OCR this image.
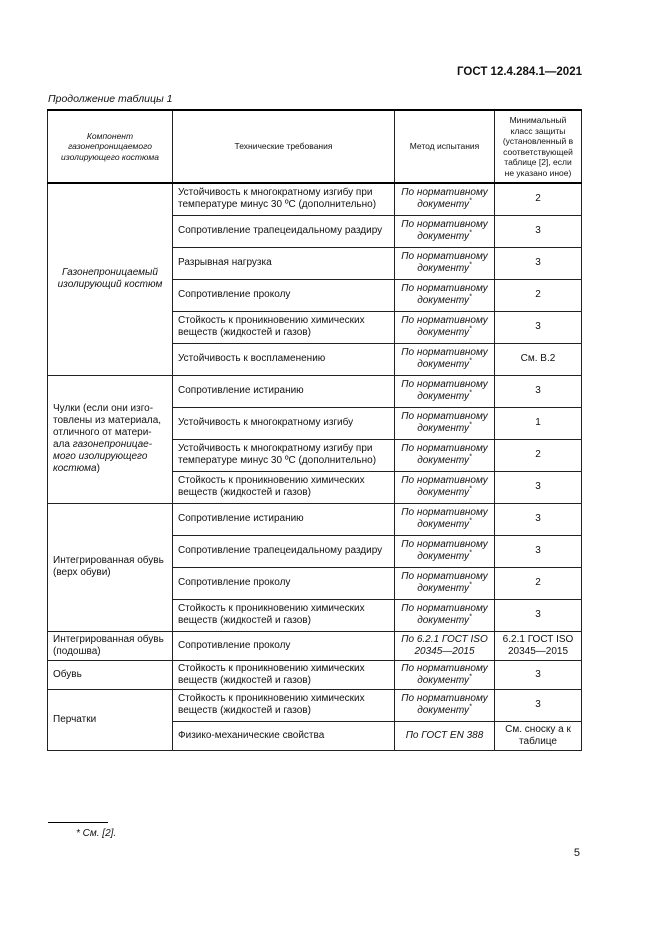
ГОСТ 12.4.284.1—2021
Продолжение таблицы 1
Компонент газонепроницаемого изолирующего костюма	Технические требования	Метод испытания	Минимальный класс защиты (установленный в соответствующей таблице [2], если не указано иное)
Газонепроницаемый изолирующий костюм	Устойчивость к многократному изгибу при температуре минус 30 ºС (дополнительно)	По нормативному документу*	2
	Сопротивление трапецеидальному раздиру	По нормативному документу*	3
	Разрывная нагрузка	По нормативному документу*	3
	Сопротивление проколу	По нормативному документу*	2
	Стойкость к проникновению химических веществ (жидкостей и газов)	По нормативному документу*	3
	Устойчивость к воспламенению	По нормативному документу*	См. В.2
Чулки (если они изго-товлены из материала, отличного от матери-ала газонепроницае-мого изолирующего костюма)	Сопротивление истиранию	По нормативному документу*	3
	Устойчивость к многократному изгибу	По нормативному документу*	1
	Устойчивость к многократному изгибу при температуре минус 30 ºС (дополнительно)	По нормативному документу*	2
	Стойкость к проникновению химических веществ (жидкостей и газов)	По нормативному документу*	3
Интегрированная обувь (верх обуви)	Сопротивление истиранию	По нормативному документу*	3
	Сопротивление трапецеидальному раздиру	По нормативному документу*	3
	Сопротивление проколу	По нормативному документу*	2
	Стойкость к проникновению химических веществ (жидкостей и газов)	По нормативному документу*	3
Интегрированная обувь (подошва)	Сопротивление проколу	По 6.2.1 ГОСТ ISO 20345—2015	6.2.1 ГОСТ ISO 20345—2015
Обувь	Стойкость к проникновению химических веществ (жидкостей и газов)	По нормативному документу*	3
Перчатки	Стойкость к проникновению химических веществ (жидкостей и газов)	По нормативному документу*	3
	Физико-механические свойства	По ГОСТ EN 388	См. сноску а к таблице
* См. [2].
5
